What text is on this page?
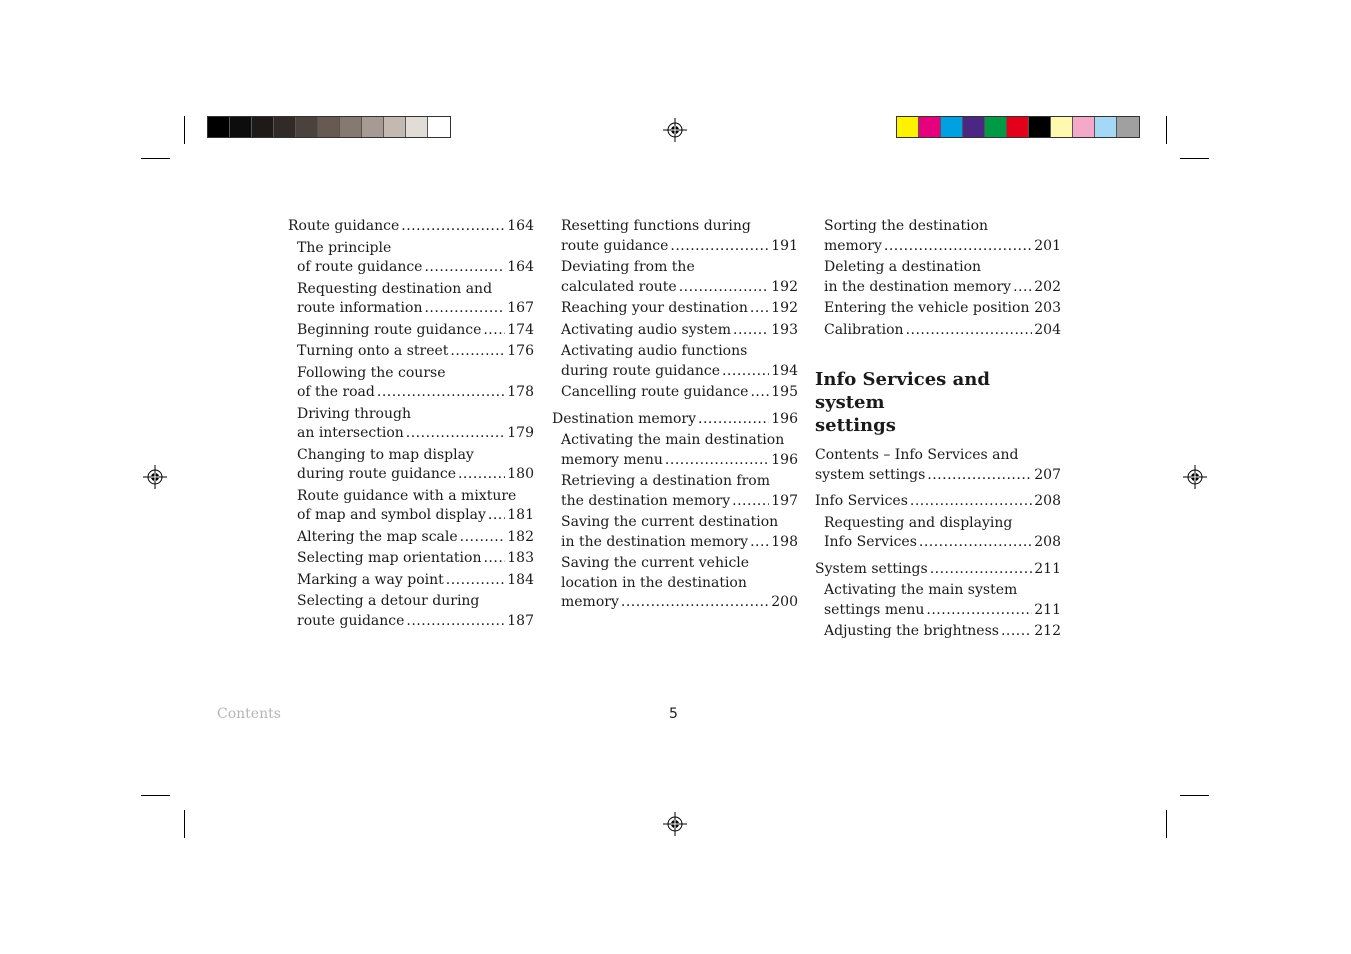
Route guidance .....	164
The principle
of route guidance .....	164
Requesting destination and
route information .....	167
Beginning route guidance ..... 174
Turning onto a street .....	176
Following the course
of the road .....	178
Driving through
an intersection .....	179
Changing to map display
during route guidance .....	180
Route guidance with a mixture
of map and symbol display ..... 181
Altering the map scale .....	182
Selecting map orientation ..... 183
Marking a way point .....	184
Selecting a detour during
route guidance .....	187
Resetting functions during
route guidance .....	191
Deviating from the
calculated route .....	192
Reaching your destination ..... 192
Activating audio system .....	193
Activating audio functions
during route guidance .....	194
Cancelling route guidance ..... 195
Destination memory .....	196
Activating the main destination
memory menu .....	196
Retrieving a destination from
the destination memory .....	197
Saving the current destination
in the destination memory ..... 198
Saving the current vehicle
location in the destination
memory .....	200
Sorting the destination
memory .....	201
Deleting a destination
in the destination memory ..... 202
Entering the vehicle position ..... 203
Calibration .....	204
Info Services and system
settings
Contents – Info Services and
system settings .....	207
Info Services .....	208
Requesting and displaying
Info Services .....	208
System settings .....	211
Activating the main system
settings menu .....	211
Adjusting the brightness .....	212
Contents	5
